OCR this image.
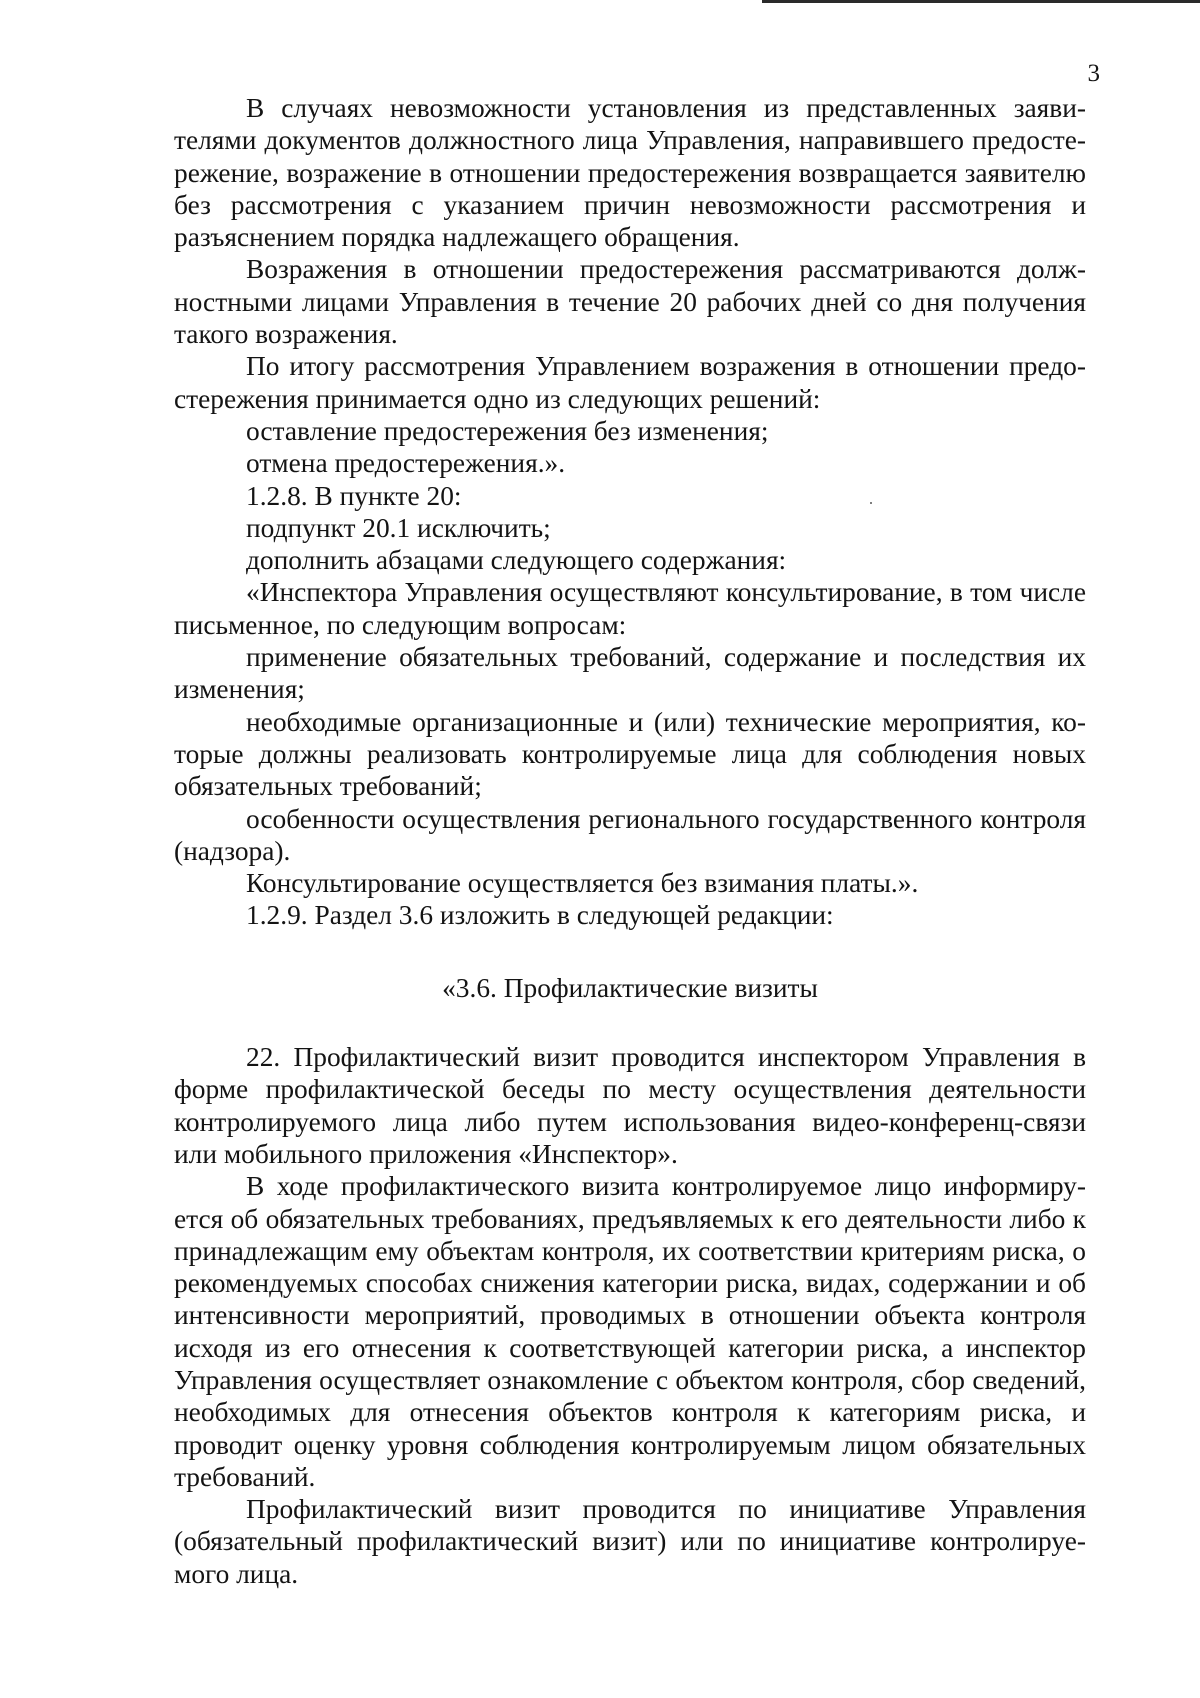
3

В случаях невозможности установления из представленных заявителями документов должностного лица Управления, направившего предостережение, возражение в отношении предостережения возвращается заявителю без рассмотрения с указанием причин невозможности рассмотрения и разъяснением порядка надлежащего обращения.

Возражения в отношении предостережения рассматриваются должностными лицами Управления в течение 20 рабочих дней со дня получения такого возражения.

По итогу рассмотрения Управлением возражения в отношении предостережения принимается одно из следующих решений:

оставление предостережения без изменения;

отмена предостережения.».

1.2.8. В пункте 20:

подпункт 20.1 исключить;

дополнить абзацами следующего содержания:

«Инспектора Управления осуществляют консультирование, в том числе письменное, по следующим вопросам:

применение обязательных требований, содержание и последствия их изменения;

необходимые организационные и (или) технические мероприятия, которые должны реализовать контролируемые лица для соблюдения новых обязательных требований;

особенности осуществления регионального государственного контроля (надзора).

Консультирование осуществляется без взимания платы.».

1.2.9. Раздел 3.6 изложить в следующей редакции:

«3.6. Профилактические визиты

22. Профилактический визит проводится инспектором Управления в форме профилактической беседы по месту осуществления деятельности контролируемого лица либо путем использования видео-конференц-связи или мобильного приложения «Инспектор».

В ходе профилактического визита контролируемое лицо информируется об обязательных требованиях, предъявляемых к его деятельности либо к принадлежащим ему объектам контроля, их соответствии критериям риска, о рекомендуемых способах снижения категории риска, видах, содержании и об интенсивности мероприятий, проводимых в отношении объекта контроля исходя из его отнесения к соответствующей категории риска, а инспектор Управления осуществляет ознакомление с объектом контроля, сбор сведений, необходимых для отнесения объектов контроля к категориям риска, и проводит оценку уровня соблюдения контролируемым лицом обязательных требований.

Профилактический визит проводится по инициативе Управления (обязательный профилактический визит) или по инициативе контролируемого лица.
